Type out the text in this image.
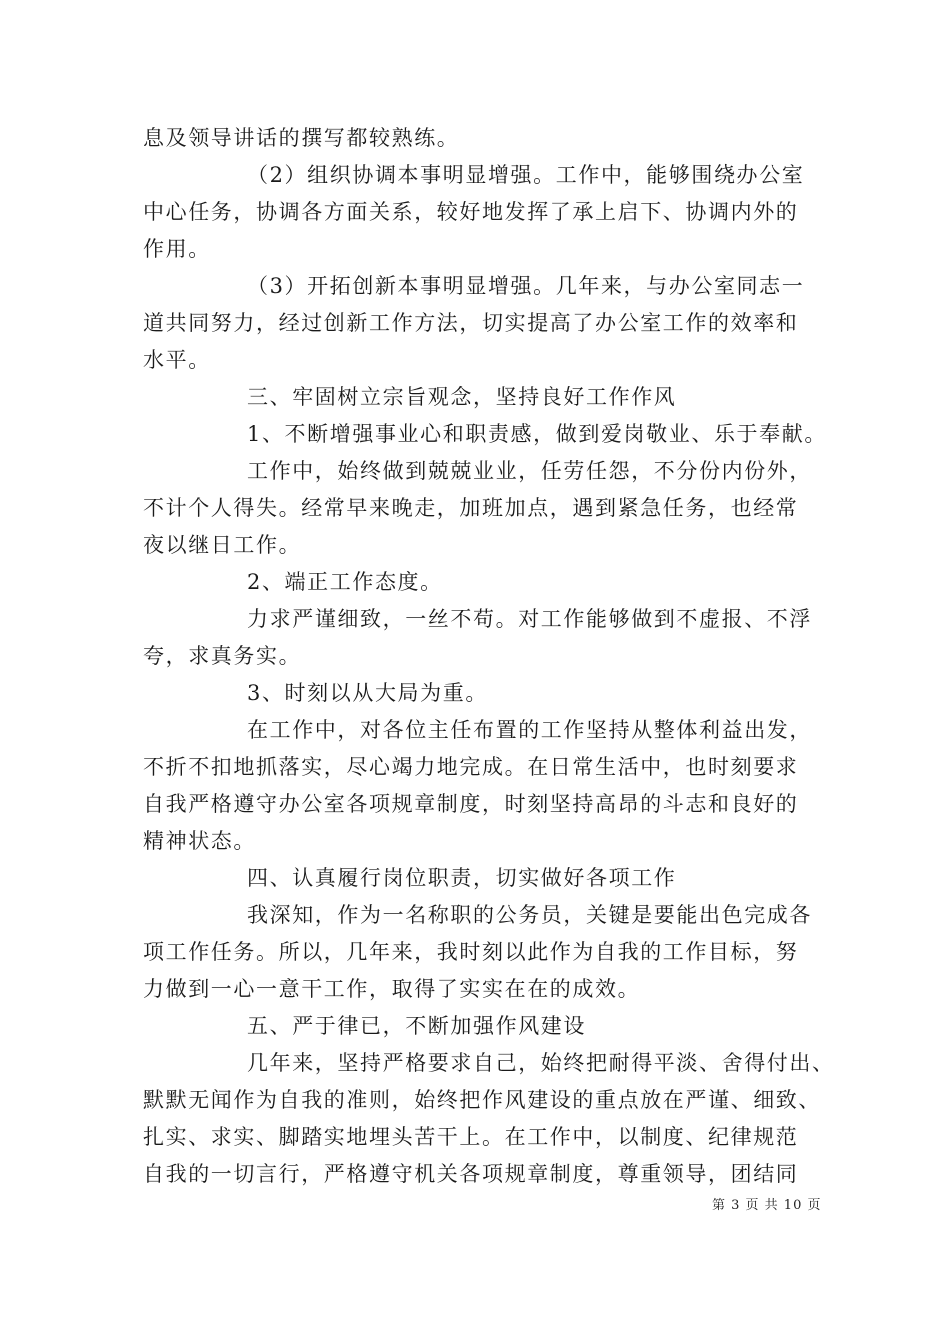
息及领导讲话的撰写都较熟练。
（2）组织协调本事明显增强。工作中，能够围绕办公室
中心任务，协调各方面关系，较好地发挥了承上启下、协调内外的
作用。
（3）开拓创新本事明显增强。几年来，与办公室同志一
道共同努力，经过创新工作方法，切实提高了办公室工作的效率和
水平。
三、牢固树立宗旨观念，坚持良好工作作风
1、不断增强事业心和职责感，做到爱岗敬业、乐于奉献。
工作中，始终做到兢兢业业，任劳任怨，不分份内份外，
不计个人得失。经常早来晚走，加班加点，遇到紧急任务，也经常
夜以继日工作。
2、端正工作态度。
力求严谨细致，一丝不苟。对工作能够做到不虚报、不浮
夸，求真务实。
3、时刻以从大局为重。
在工作中，对各位主任布置的工作坚持从整体利益出发，
不折不扣地抓落实，尽心竭力地完成。在日常生活中，也时刻要求
自我严格遵守办公室各项规章制度，时刻坚持高昂的斗志和良好的
精神状态。
四、认真履行岗位职责，切实做好各项工作
我深知，作为一名称职的公务员，关键是要能出色完成各
项工作任务。所以，几年来，我时刻以此作为自我的工作目标，努
力做到一心一意干工作，取得了实实在在的成效。
五、严于律已，不断加强作风建设
几年来，坚持严格要求自己，始终把耐得平淡、舍得付出、
默默无闻作为自我的准则，始终把作风建设的重点放在严谨、细致、
扎实、求实、脚踏实地埋头苦干上。在工作中，以制度、纪律规范
自我的一切言行，严格遵守机关各项规章制度，尊重领导，团结同
第 3 页 共 10 页
